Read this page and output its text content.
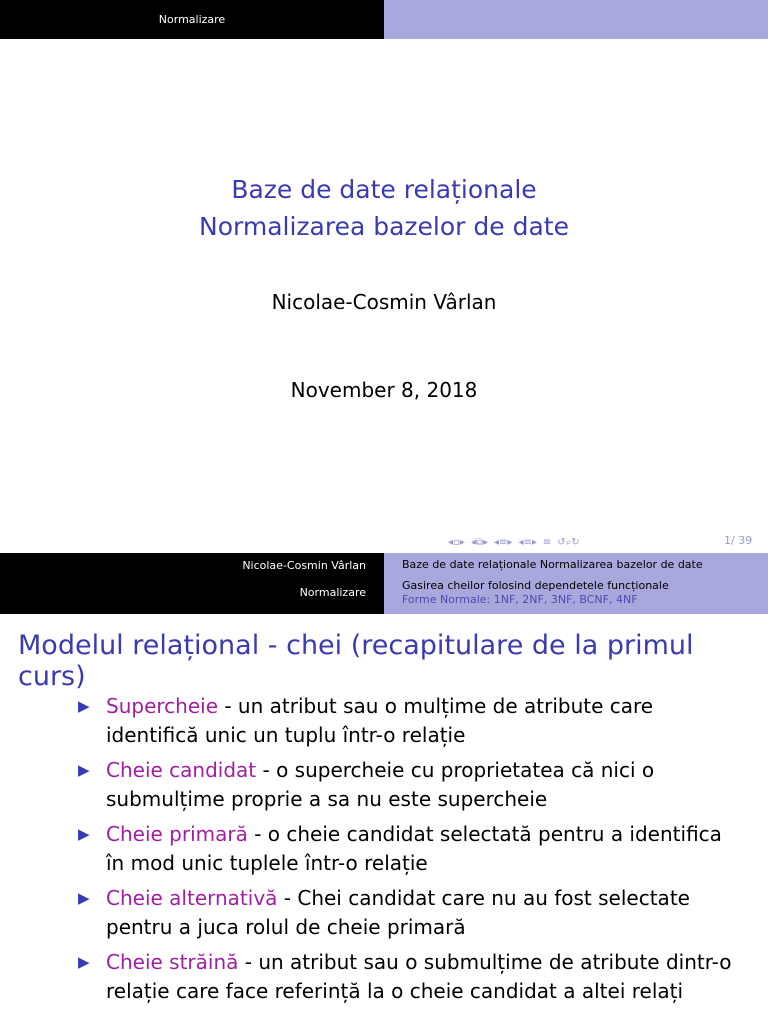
Normalizare
Baze de date relaționale
Normalizarea bazelor de date
Nicolae-Cosmin Vârlan
November 8, 2018
◂▫▸ ◂⧉▸ ◂≡▸ ◂≡▸ ≡ ↺⌕↻	1/ 39
Nicolae-Cosmin Vârlan
Normalizare
Baze de date relaționale Normalizarea bazelor de date
Gasirea cheilor folosind dependetele funcționale
Forme Normale: 1NF, 2NF, 3NF, BCNF, 4NF
Modelul relațional - chei (recapitulare de la primul curs)
▶ Supercheie - un atribut sau o mulțime de atribute care identifică unic un tuplu într-o relație
▶ Cheie candidat - o supercheie cu proprietatea că nici o submulțime proprie a sa nu este supercheie
▶ Cheie primară - o cheie candidat selectată pentru a identifica în mod unic tuplele într-o relație
▶ Cheie alternativă - Chei candidat care nu au fost selectate pentru a juca rolul de cheie primară
▶ Cheie străină - un atribut sau o submulțime de atribute dintr-o relație care face referință la o cheie candidat a altei relați
